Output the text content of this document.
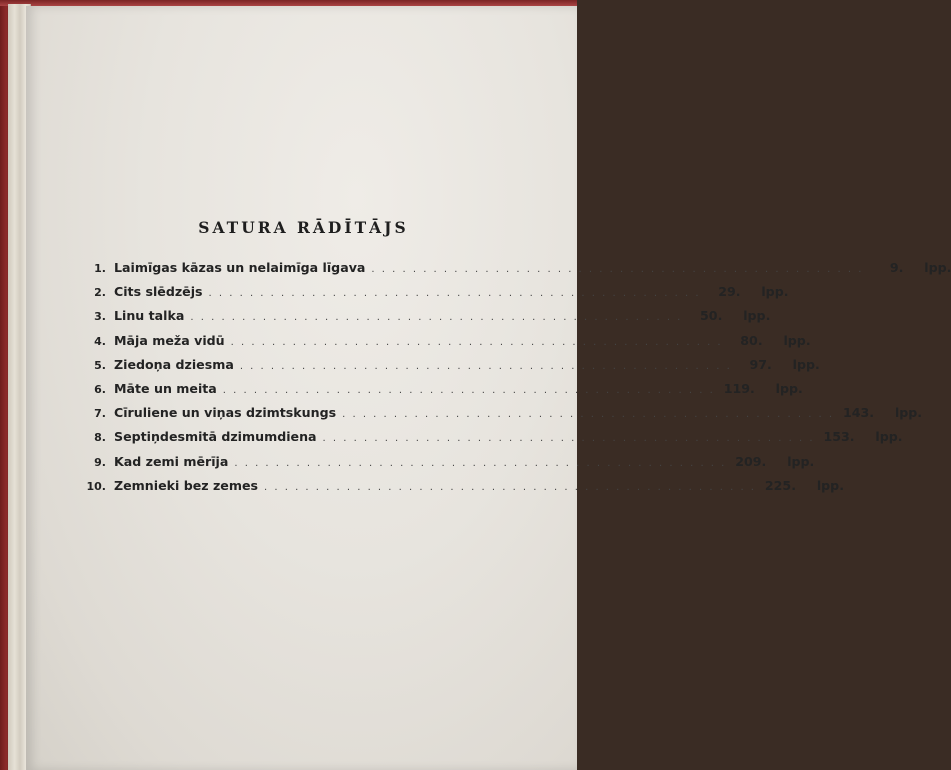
SATURA RĀDĪTĀJS
1. Laimīgas kāzas un nelaimīga līgava . . . . . . . . . . . . . . . . . . . . . . . . . . . . . . . . . . . . . . . . . . . . . . . .	9.	lpp.
2. Cits slēdzējs . . . . . . . . . . . . . . . . . . . . . . . . . . . . . . . . . . . . . . . . . . . . . . . .	29.	lpp.
3. Linu talka . . . . . . . . . . . . . . . . . . . . . . . . . . . . . . . . . . . . . . . . . . . . . . . .	50.	lpp.
4. Māja meža vidū . . . . . . . . . . . . . . . . . . . . . . . . . . . . . . . . . . . . . . . . . . . . . . . .	80.	lpp.
5. Ziedoņa dziesma . . . . . . . . . . . . . . . . . . . . . . . . . . . . . . . . . . . . . . . . . . . . . . . .	97.	lpp.
6. Māte un meita . . . . . . . . . . . . . . . . . . . . . . . . . . . . . . . . . . . . . . . . . . . . . . . . 119.	lpp.
7. Cīruliene un viņas dzimtskungs . . . . . . . . . . . . . . . . . . . . . . . . . . . . . . . . . . . . . . . . . . . . . . . . 143.	lpp.
8. Septiņdesmitā dzimumdiena . . . . . . . . . . . . . . . . . . . . . . . . . . . . . . . . . . . . . . . . . . . . . . . . 153.	lpp.
9. Kad zemi mērīja . . . . . . . . . . . . . . . . . . . . . . . . . . . . . . . . . . . . . . . . . . . . . . . . 209.	lpp.
10. Zemnieki bez zemes . . . . . . . . . . . . . . . . . . . . . . . . . . . . . . . . . . . . . . . . . . . . . . . . 225.	lpp.
